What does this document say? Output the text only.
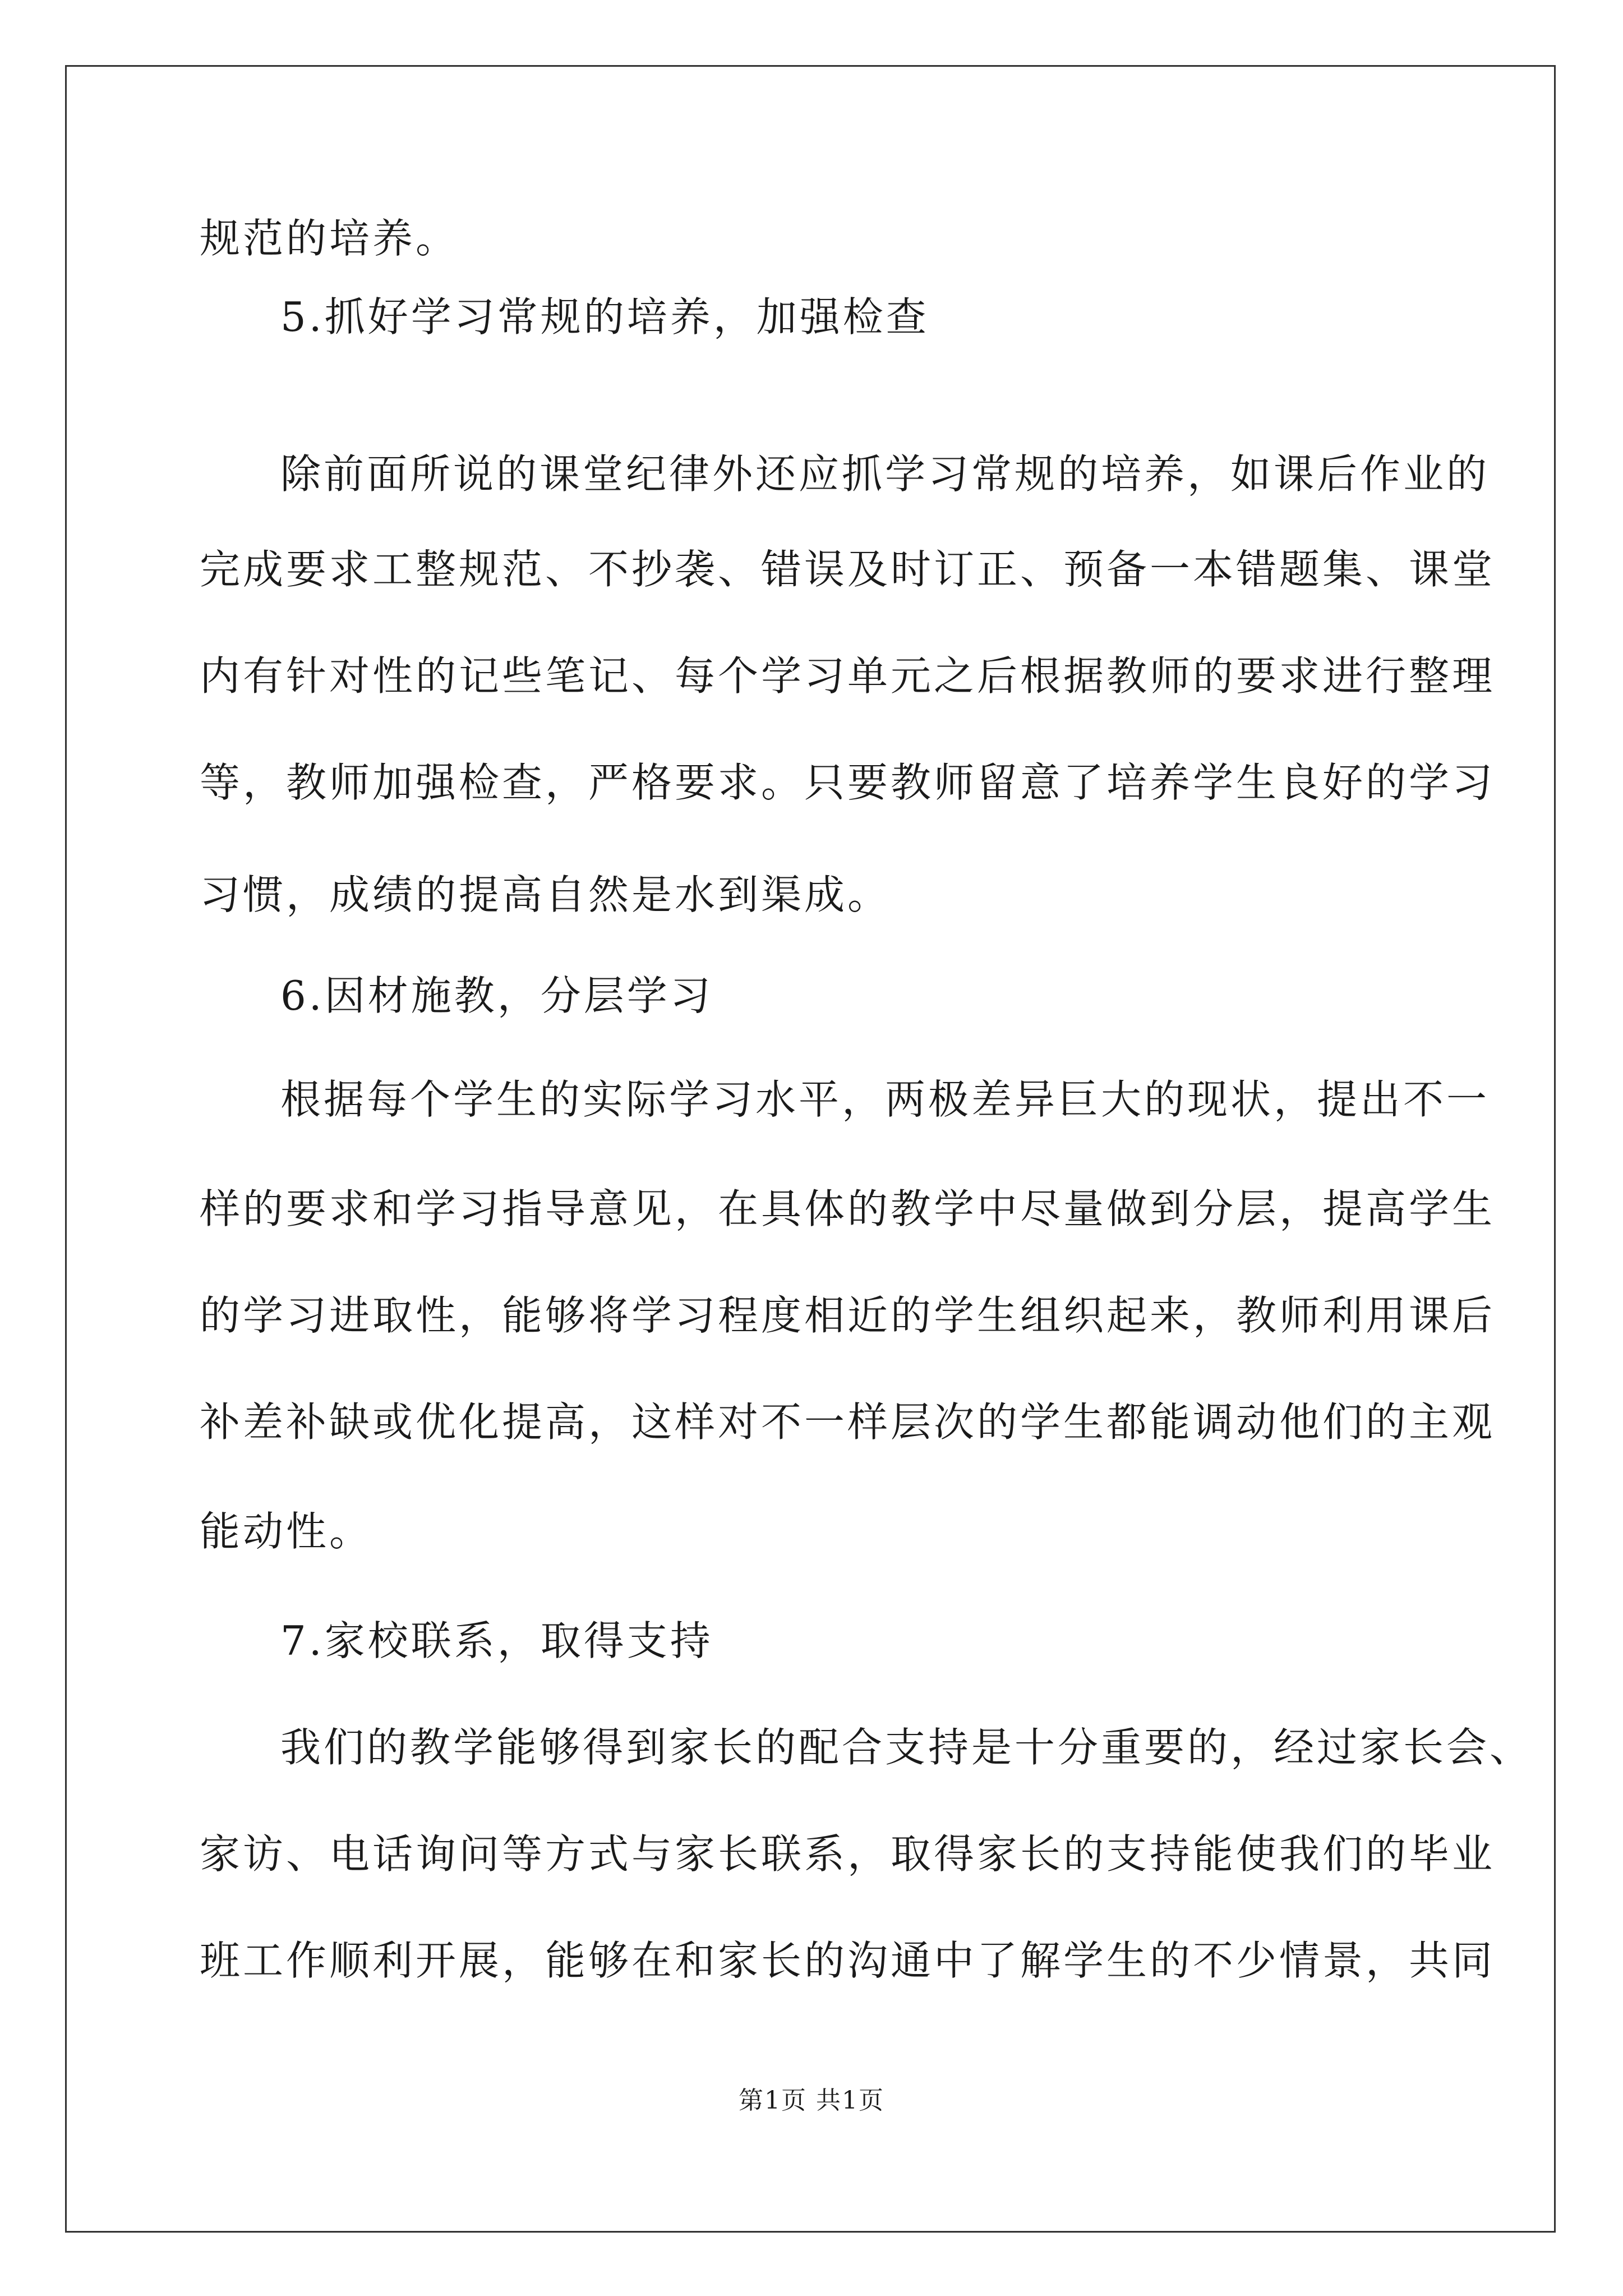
规范的培养。
5.抓好学习常规的培养，加强检查
除前面所说的课堂纪律外还应抓学习常规的培养，如课后作业的
完成要求工整规范、不抄袭、错误及时订正、预备一本错题集、课堂
内有针对性的记些笔记、每个学习单元之后根据教师的要求进行整理
等，教师加强检查，严格要求。只要教师留意了培养学生良好的学习
习惯，成绩的提高自然是水到渠成。
6.因材施教，分层学习
根据每个学生的实际学习水平，两极差异巨大的现状，提出不一
样的要求和学习指导意见，在具体的教学中尽量做到分层，提高学生
的学习进取性，能够将学习程度相近的学生组织起来，教师利用课后
补差补缺或优化提高，这样对不一样层次的学生都能调动他们的主观
能动性。
7.家校联系，取得支持
我们的教学能够得到家长的配合支持是十分重要的，经过家长会、
家访、电话询问等方式与家长联系，取得家长的支持能使我们的毕业
班工作顺利开展，能够在和家长的沟通中了解学生的不少情景，共同
第1页 共1页
